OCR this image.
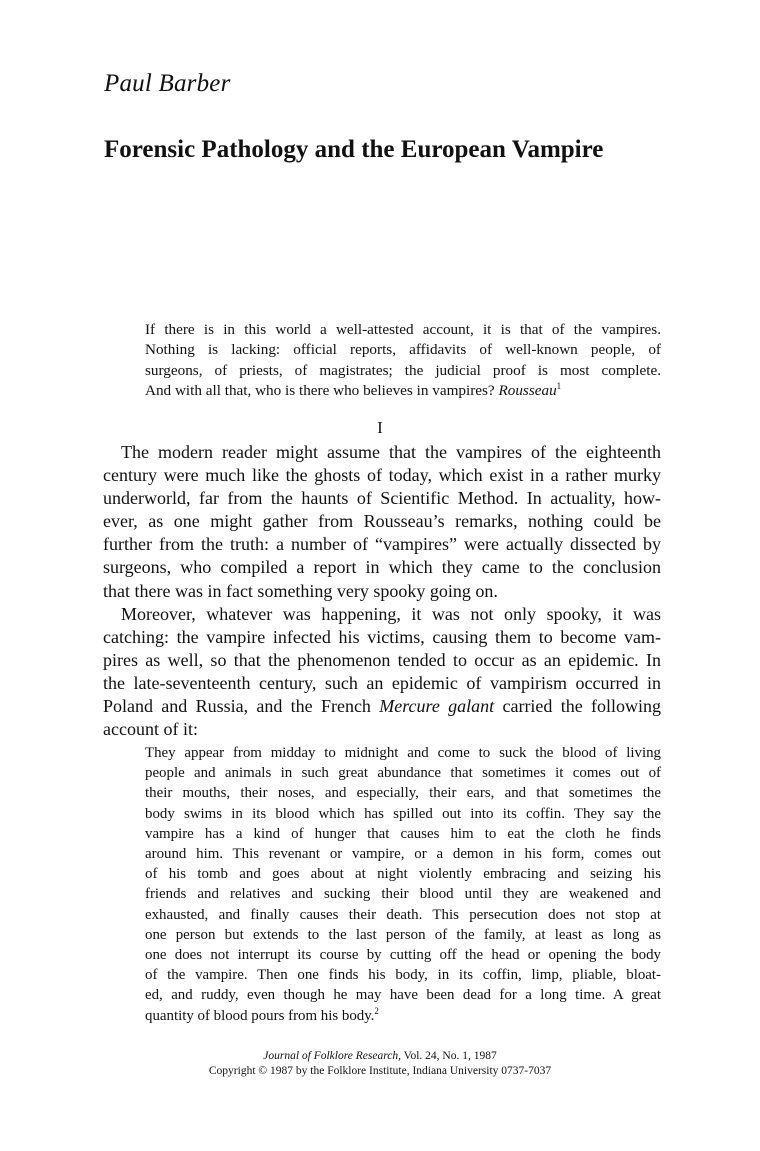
Paul Barber
Forensic Pathology and the European Vampire
If there is in this world a well-attested account, it is that of the vampires.
Nothing is lacking: official reports, affidavits of well-known people, of
surgeons, of priests, of magistrates; the judicial proof is most complete.
And with all that, who is there who believes in vampires? Rousseau$^1$
I
The modern reader might assume that the vampires of the eighteenth
century were much like the ghosts of today, which exist in a rather murky
underworld, far from the haunts of Scientific Method. In actuality, how-
ever, as one might gather from Rousseau’s remarks, nothing could be
further from the truth: a number of “vampires” were actually dissected by
surgeons, who compiled a report in which they came to the conclusion
that there was in fact something very spooky going on.
Moreover, whatever was happening, it was not only spooky, it was
catching: the vampire infected his victims, causing them to become vam-
pires as well, so that the phenomenon tended to occur as an epidemic. In
the late-seventeenth century, such an epidemic of vampirism occurred in
Poland and Russia, and the French Mercure galant carried the following
account of it:
They appear from midday to midnight and come to suck the blood of living
people and animals in such great abundance that sometimes it comes out of
their mouths, their noses, and especially, their ears, and that sometimes the
body swims in its blood which has spilled out into its coffin. They say the
vampire has a kind of hunger that causes him to eat the cloth he finds
around him. This revenant or vampire, or a demon in his form, comes out
of his tomb and goes about at night violently embracing and seizing his
friends and relatives and sucking their blood until they are weakened and
exhausted, and finally causes their death. This persecution does not stop at
one person but extends to the last person of the family, at least as long as
one does not interrupt its course by cutting off the head or opening the body
of the vampire. Then one finds his body, in its coffin, limp, pliable, bloat-
ed, and ruddy, even though he may have been dead for a long time. A great
quantity of blood pours from his body.$^2$
Journal of Folklore Research, Vol. 24, No. 1, 1987
Copyright © 1987 by the Folklore Institute, Indiana University 0737-7037
